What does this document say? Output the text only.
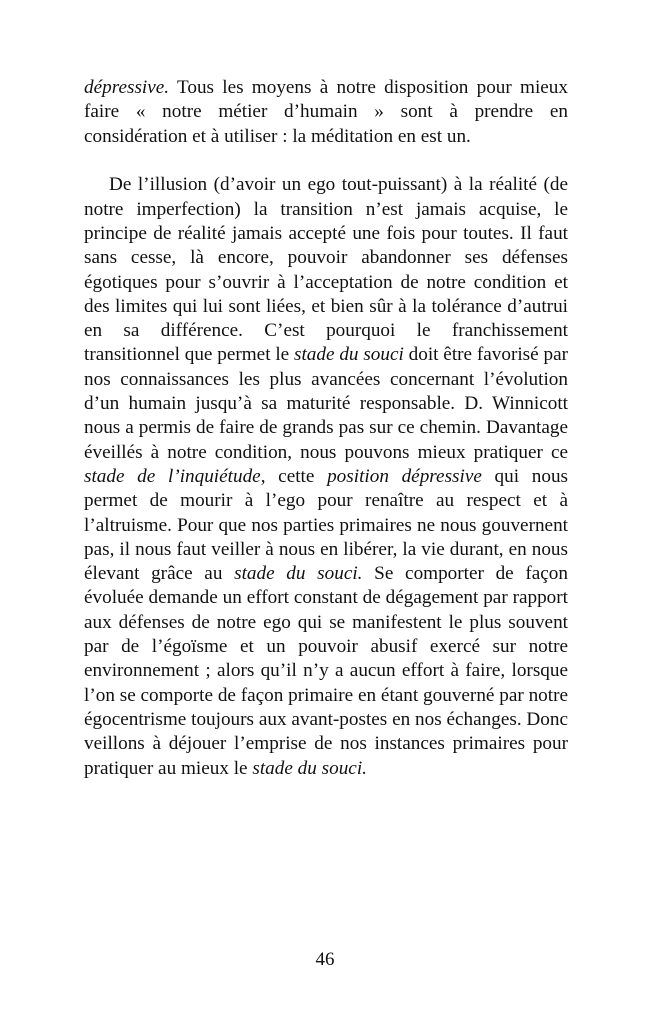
dépressive. Tous les moyens à notre disposition pour mieux faire « notre métier d’humain » sont à prendre en considération et à utiliser : la méditation en est un.

De l’illusion (d’avoir un ego tout-puissant) à la réalité (de notre imperfection) la transition n’est jamais acquise, le principe de réalité jamais accepté une fois pour toutes. Il faut sans cesse, là encore, pouvoir abandonner ses défenses égotiques pour s’ouvrir à l’acceptation de notre condition et des limites qui lui sont liées, et bien sûr à la tolérance d’autrui en sa différence. C’est pourquoi le franchissement transitionnel que permet le stade du souci doit être favorisé par nos connaissances les plus avancées concernant l’évolution d’un humain jusqu’à sa maturité responsable. D. Winnicott nous a permis de faire de grands pas sur ce chemin. Davantage éveillés à notre condition, nous pouvons mieux pratiquer ce stade de l’inquiétude, cette position dépressive qui nous permet de mourir à l’ego pour renaître au respect et à l’altruisme. Pour que nos parties primaires ne nous gouvernent pas, il nous faut veiller à nous en libérer, la vie durant, en nous élevant grâce au stade du souci. Se comporter de façon évoluée demande un effort constant de dégagement par rapport aux défenses de notre ego qui se manifestent le plus souvent par de l’égoïsme et un pouvoir abusif exercé sur notre environnement ; alors qu’il n’y a aucun effort à faire, lorsque l’on se comporte de façon primaire en étant gouverné par notre égocentrisme toujours aux avant-postes en nos échanges. Donc veillons à déjouer l’emprise de nos instances primaires pour pratiquer au mieux le stade du souci.

46
